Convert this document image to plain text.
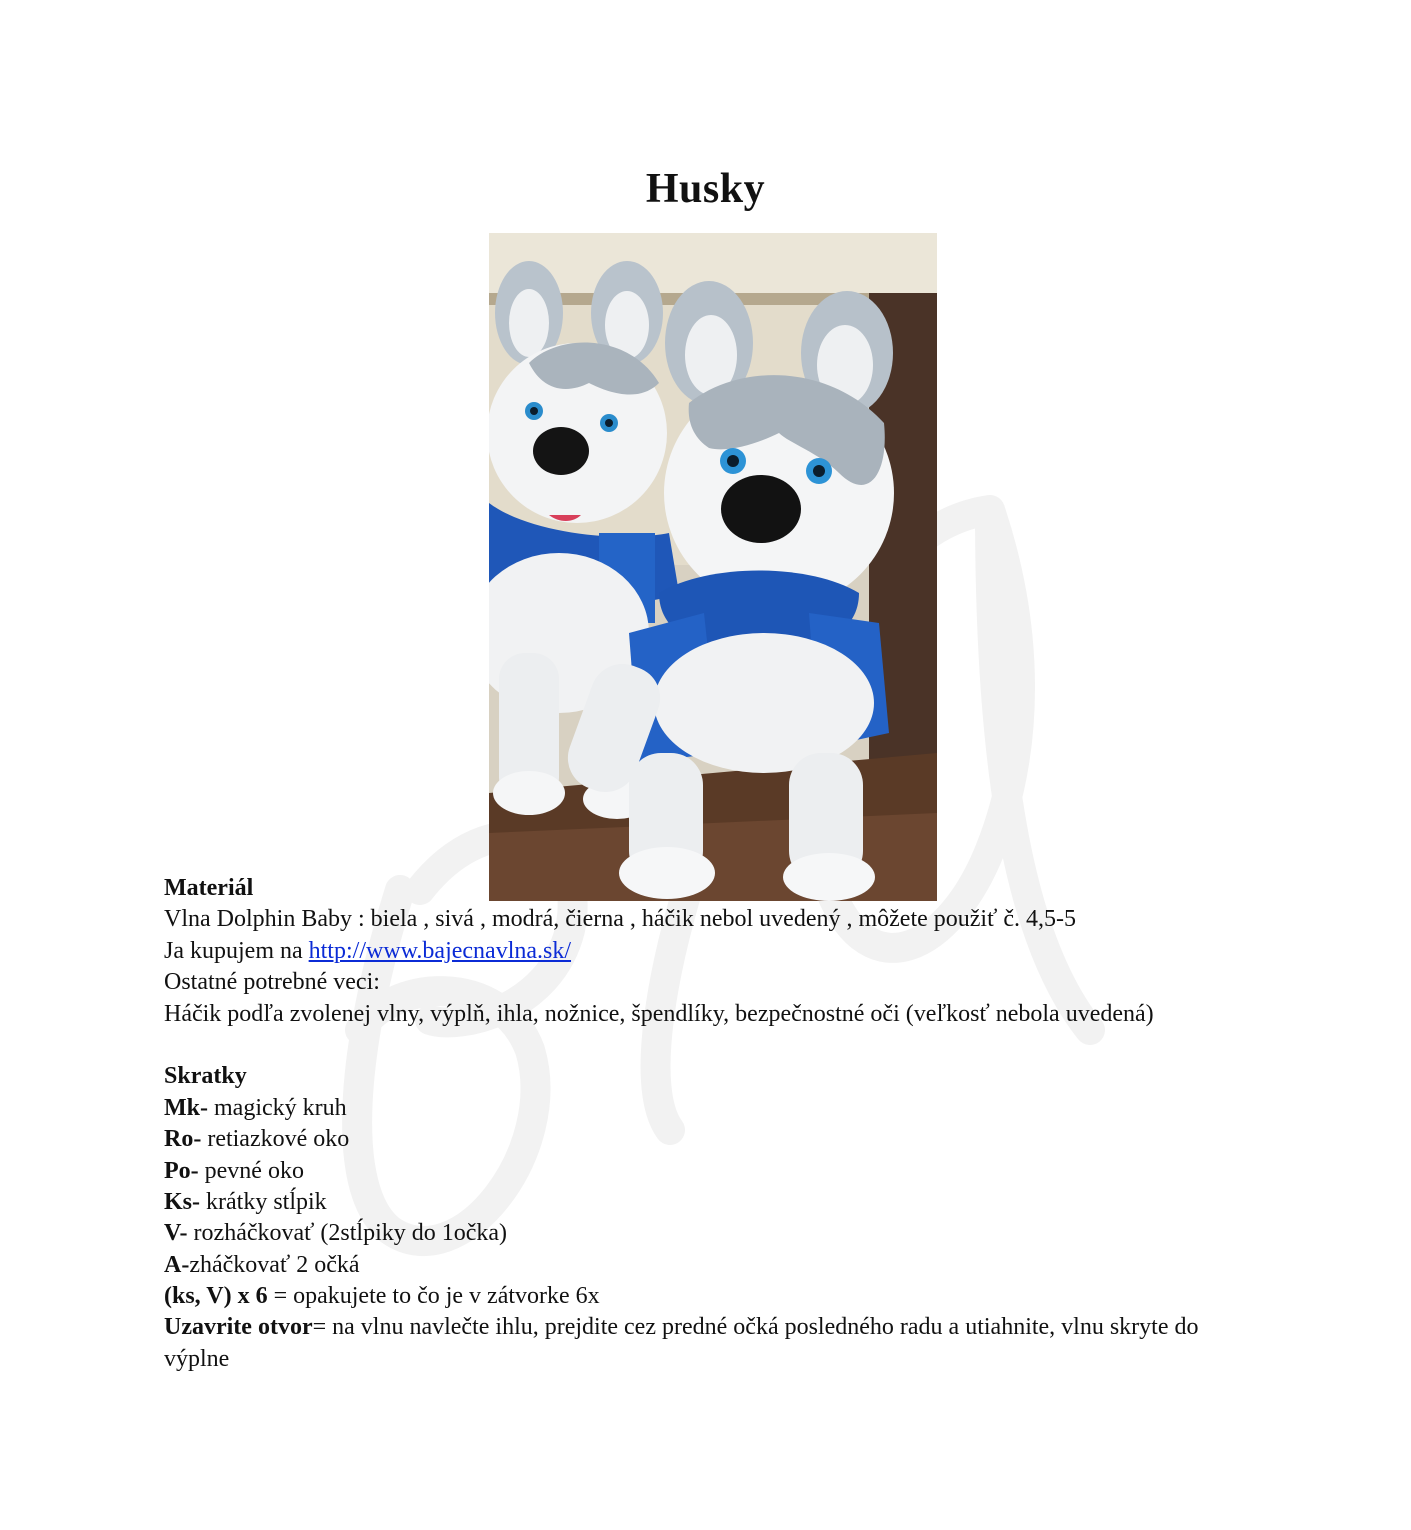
Husky
Materiál
Vlna Dolphin Baby : biela , sivá , modrá, čierna , háčik nebol uvedený , môžete použiť č. 4,5-5
Ja kupujem na http://www.bajecnavlna.sk/
Ostatné potrebné veci:
Háčik podľa zvolenej vlny, výplň, ihla, nožnice, špendlíky, bezpečnostné oči (veľkosť nebola uvedená)
Skratky
Mk- magický kruh
Ro- retiazkové oko
Po- pevné oko
Ks- krátky stĺpik
V- rozháčkovať (2stĺpiky do 1očka)
A-zháčkovať 2 očká
(ks, V) x 6 = opakujete to čo je v zátvorke 6x
Uzavrite otvor= na vlnu navlečte ihlu, prejdite cez predné očká posledného radu a utiahnite, vlnu skryte do výplne
